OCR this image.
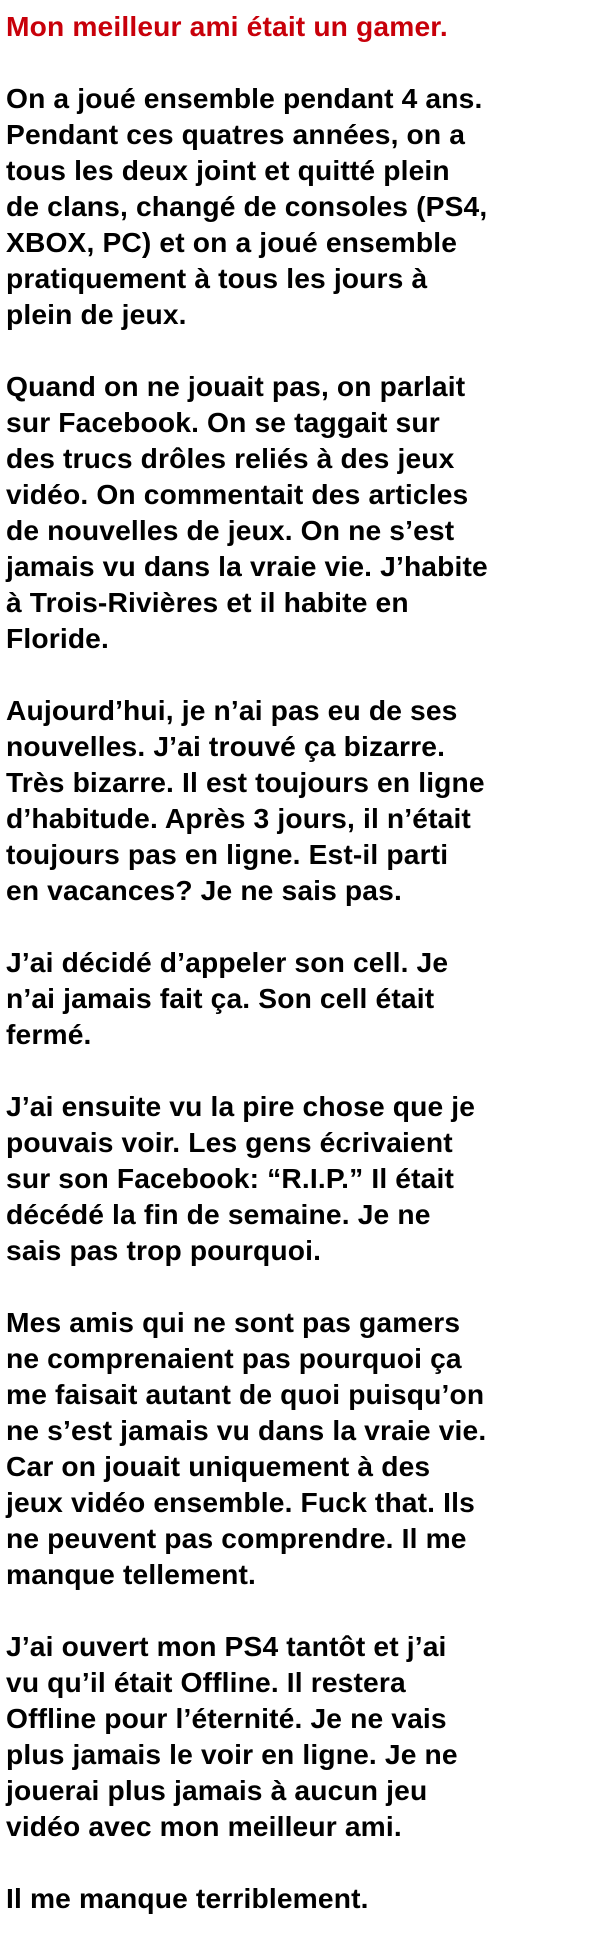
Mon meilleur ami était un gamer.
On a joué ensemble pendant 4 ans.
Pendant ces quatres années, on a
tous les deux joint et quitté plein
de clans, changé de consoles (PS4,
XBOX, PC) et on a joué ensemble
pratiquement à tous les jours à
plein de jeux.
Quand on ne jouait pas, on parlait
sur Facebook. On se taggait sur
des trucs drôles reliés à des jeux
vidéo. On commentait des articles
de nouvelles de jeux. On ne s’est
jamais vu dans la vraie vie. J’habite
à Trois-Rivières et il habite en
Floride.
Aujourd’hui, je n’ai pas eu de ses
nouvelles. J’ai trouvé ça bizarre.
Très bizarre. Il est toujours en ligne
d’habitude. Après 3 jours, il n’était
toujours pas en ligne. Est-il parti
en vacances? Je ne sais pas.
J’ai décidé d’appeler son cell. Je
n’ai jamais fait ça. Son cell était
fermé.
J’ai ensuite vu la pire chose que je
pouvais voir. Les gens écrivaient
sur son Facebook: “R.I.P.” Il était
décédé la fin de semaine. Je ne
sais pas trop pourquoi.
Mes amis qui ne sont pas gamers
ne comprenaient pas pourquoi ça
me faisait autant de quoi puisqu’on
ne s’est jamais vu dans la vraie vie.
Car on jouait uniquement à des
jeux vidéo ensemble. Fuck that. Ils
ne peuvent pas comprendre. Il me
manque tellement.
J’ai ouvert mon PS4 tantôt et j’ai
vu qu’il était Offline. Il restera
Offline pour l’éternité. Je ne vais
plus jamais le voir en ligne. Je ne
jouerai plus jamais à aucun jeu
vidéo avec mon meilleur ami.
Il me manque terriblement.
